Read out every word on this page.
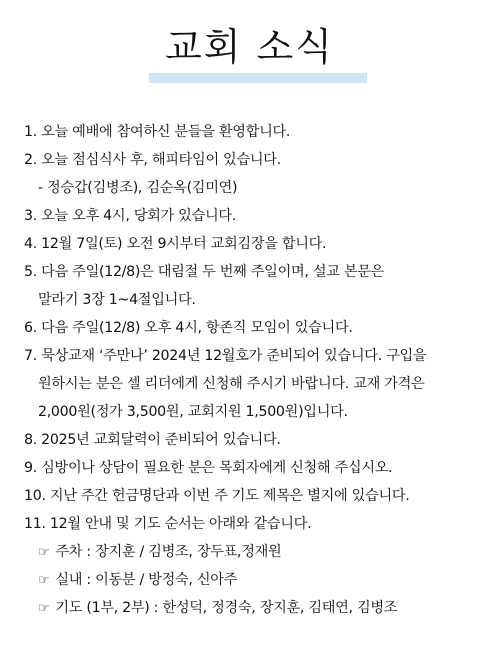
교회 소식
1. 오늘 예배에 참여하신 분들을 환영합니다.
2. 오늘 점심식사 후, 해피타임이 있습니다.
- 정승갑(김병조), 김순옥(김미연)
3. 오늘 오후 4시, 당회가 있습니다.
4. 12월 7일(토) 오전 9시부터 교회김장을 합니다.
5. 다음 주일(12/8)은 대림절 두 번째 주일이며, 설교 본문은
말라기 3장 1~4절입니다.
6. 다음 주일(12/8) 오후 4시, 항존직 모임이 있습니다.
7. 묵상교재 ‘주만나’ 2024년 12월호가 준비되어 있습니다. 구입을
원하시는 분은 셀 리더에게 신청해 주시기 바랍니다. 교재 가격은
2,000원(정가 3,500원, 교회지원 1,500원)입니다.
8. 2025년 교회달력이 준비되어 있습니다.
9. 심방이나 상담이 필요한 분은 목회자에게 신청해 주십시오.
10. 지난 주간 헌금명단과 이번 주 기도 제목은 별지에 있습니다.
11. 12월 안내 및 기도 순서는 아래와 같습니다.
☞ 주차 : 장지훈 / 김병조, 장두표,정재원
☞ 실내 : 이동분 / 방정숙, 신아주
☞ 기도 (1부, 2부) : 한성덕, 정경숙, 장지훈, 김태연, 김병조
